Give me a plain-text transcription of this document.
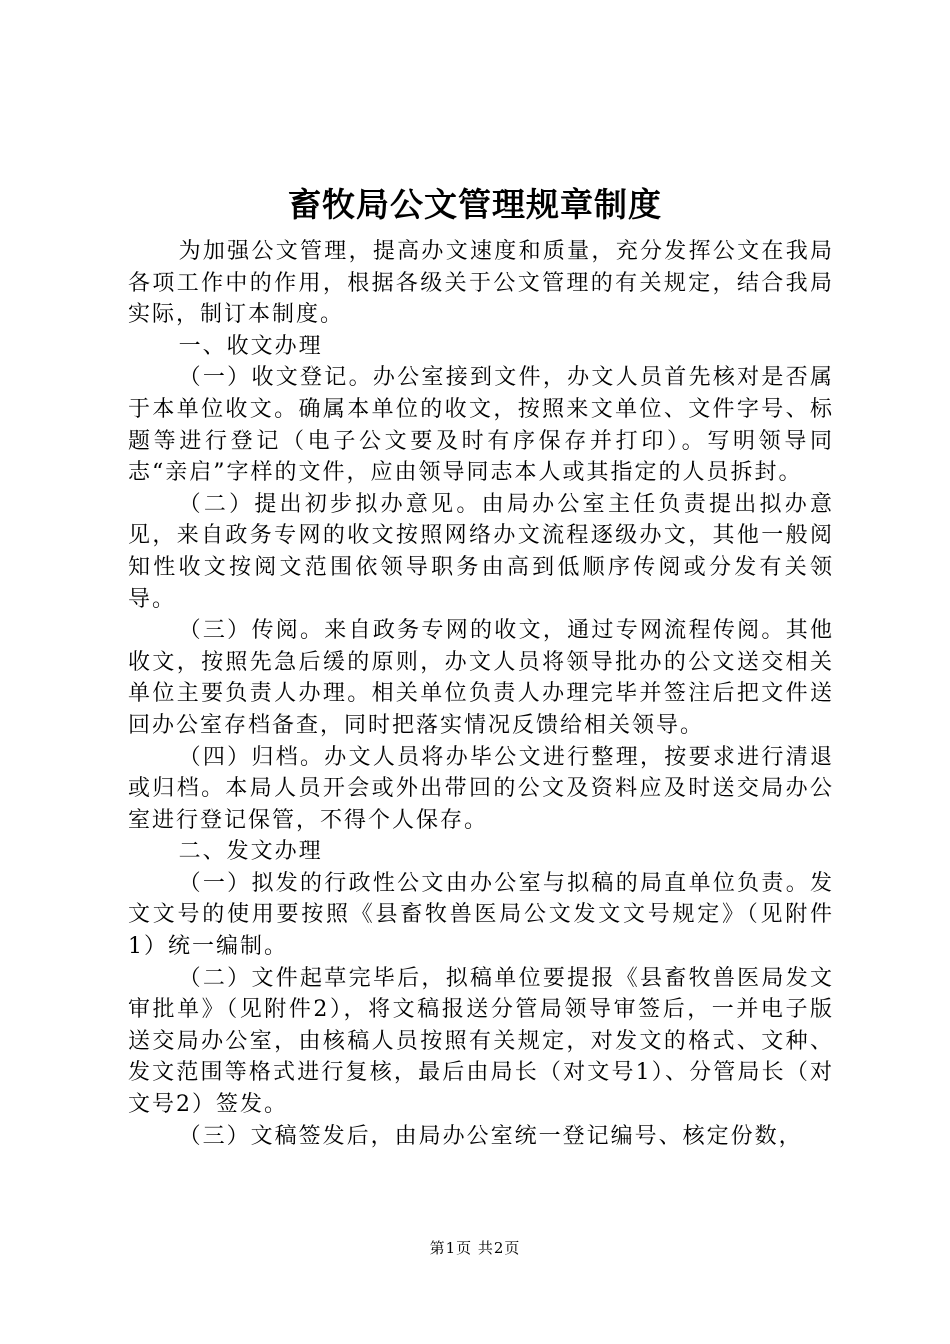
畜牧局公文管理规章制度

为加强公文管理，提高办文速度和质量，充分发挥公文在我局各项工作中的作用，根据各级关于公文管理的有关规定，结合我局实际，制订本制度。

一、收文办理

（一）收文登记。办公室接到文件，办文人员首先核对是否属于本单位收文。确属本单位的收文，按照来文单位、文件字号、标题等进行登记（电子公文要及时有序保存并打印）。写明领导同志“亲启”字样的文件，应由领导同志本人或其指定的人员拆封。

（二）提出初步拟办意见。由局办公室主任负责提出拟办意见，来自政务专网的收文按照网络办文流程逐级办文，其他一般阅知性收文按阅文范围依领导职务由高到低顺序传阅或分发有关领导。

（三）传阅。来自政务专网的收文，通过专网流程传阅。其他收文，按照先急后缓的原则，办文人员将领导批办的公文送交相关单位主要负责人办理。相关单位负责人办理完毕并签注后把文件送回办公室存档备查，同时把落实情况反馈给相关领导。

（四）归档。办文人员将办毕公文进行整理，按要求进行清退或归档。本局人员开会或外出带回的公文及资料应及时送交局办公室进行登记保管，不得个人保存。

二、发文办理

（一）拟发的行政性公文由办公室与拟稿的局直单位负责。发文文号的使用要按照《县畜牧兽医局公文发文文号规定》（见附件1）统一编制。

（二）文件起草完毕后，拟稿单位要提报《县畜牧兽医局发文审批单》（见附件2），将文稿报送分管局领导审签后，一并电子版送交局办公室，由核稿人员按照有关规定，对发文的格式、文种、发文范围等格式进行复核，最后由局长（对文号1）、分管局长（对文号2）签发。

（三）文稿签发后，由局办公室统一登记编号、核定份数，

第1页 共2页
